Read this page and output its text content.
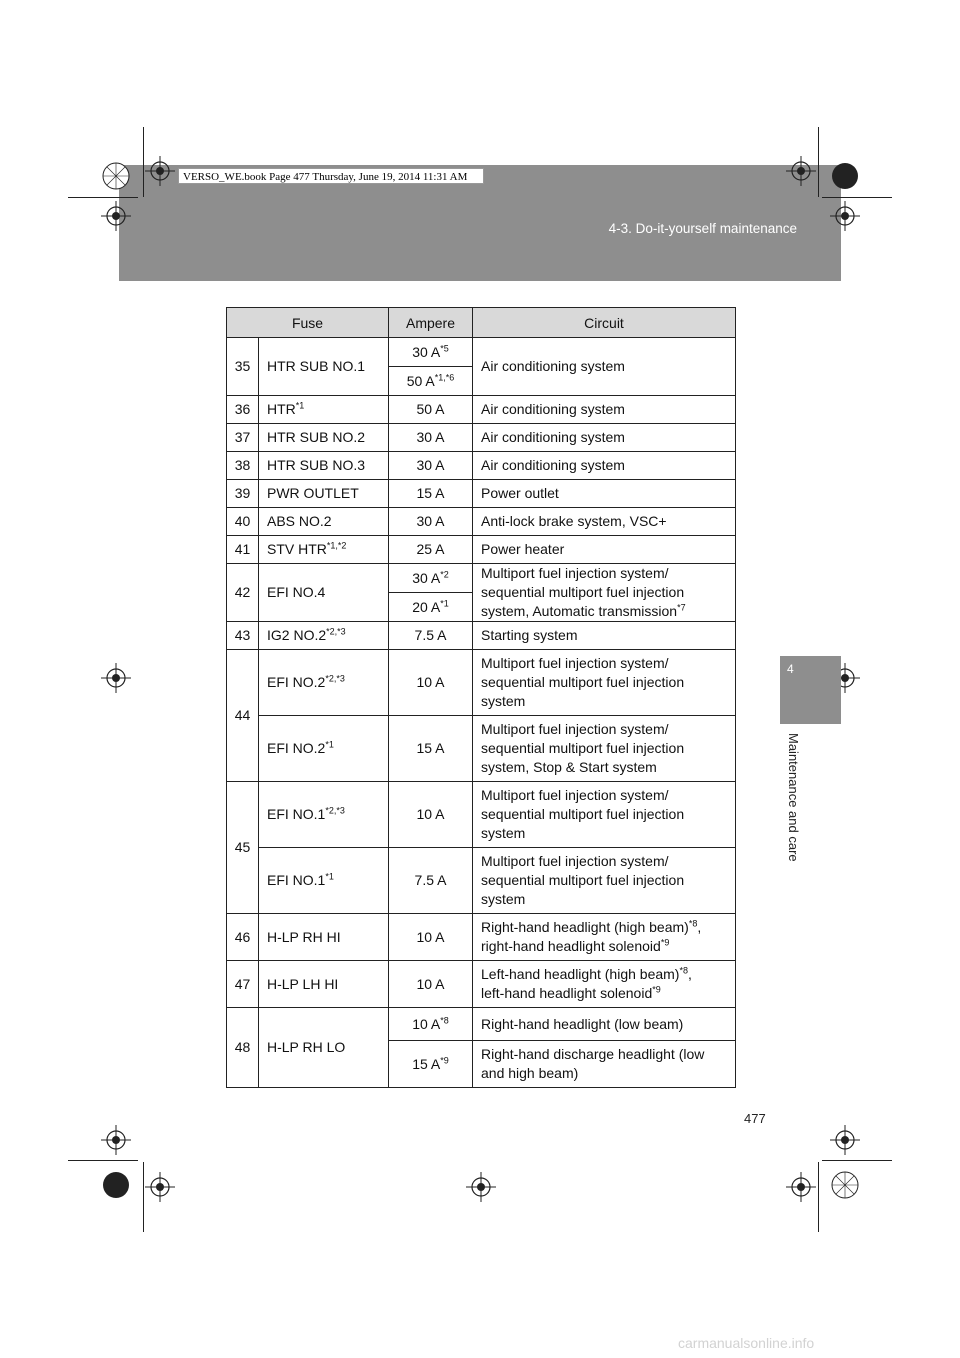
VERSO_WE.book Page 477 Thursday, June 19, 2014 11:31 AM
4-3. Do-it-yourself maintenance
4
Maintenance and care
Fuse		Ampere	Circuit
35	HTR SUB NO.1	30 $A^{*5}$	Air conditioning system
		50 $A^{*1,*6}$
36	HTR$^{*1}$	50 A	Air conditioning system
37	HTR SUB NO.2	30 A	Air conditioning system
38	HTR SUB NO.3	30 A	Air conditioning system
39	PWR OUTLET	15 A	Power outlet
40	ABS NO.2	30 A	Anti-lock brake system, VSC+
41	STV $HTR^{*1,*2}$	25 A	Power heater
42	EFI NO.4	30 $A^{*2}$	Multiport fuel injection system/ sequential multiport fuel injection system, Automatic transmission$^{*7}$
		20 $A^{*1}$
43	IG2 $NO.2^{*2,*3}$	7.5 A	Starting system
44	EFI $NO.2^{*2,*3}$	10 A	Multiport fuel injection system/ sequential multiport fuel injection system
	EFI NO.2$^{*1}$	15 A	Multiport fuel injection system/ sequential multiport fuel injection system, Stop & Start system
45	EFI $NO.1^{*2,*3}$	10 A	Multiport fuel injection system/ sequential multiport fuel injection system
	EFI NO.1$^{*1}$	7.5 A	Multiport fuel injection system/ sequential multiport fuel injection system
46	H-LP RH HI	10 A	Right-hand headlight (high beam)$^{*8}$,
right-hand headlight solenoid$^{*9}$
47	H-LP LH HI	10 A	Left-hand headlight (high beam)$^{*8}$,
left-hand headlight solenoid$^{*9}$
48	H-LP RH LO	10 $A^{*8}$	Right-hand headlight (low beam)
		15 $A^{*9}$	Right-hand discharge headlight (low and high beam)
477
carmanualsonline.info
